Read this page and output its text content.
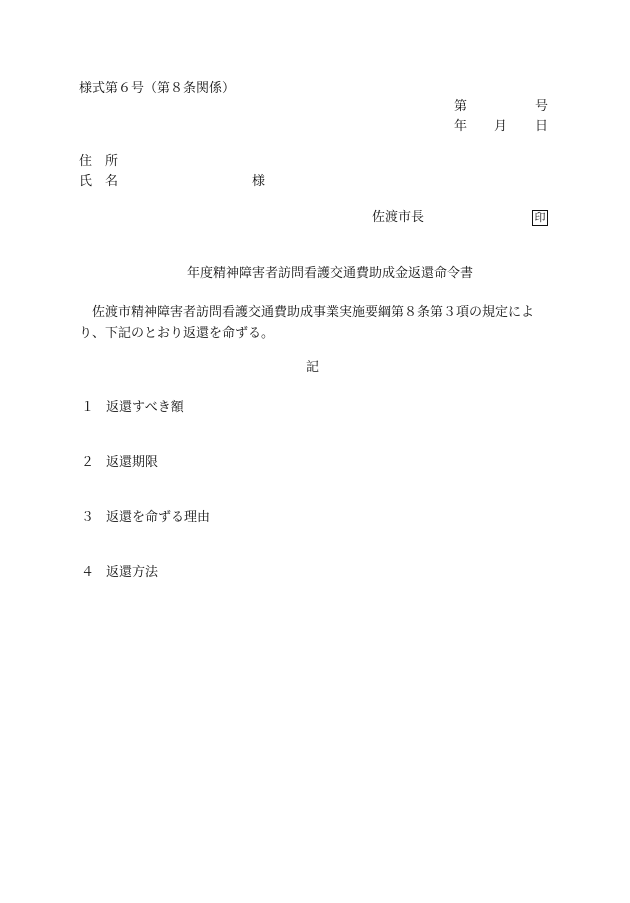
様式第６号（第８条関係）
第	号
年 月 日
住　所
氏　名	様
佐渡市長	印
年度精神障害者訪問看護交通費助成金返還命令書
　佐渡市精神障害者訪問看護交通費助成事業実施要綱第８条第３項の規定により、下記のとおり返還を命ずる。
記
１ 返還すべき額
２ 返還期限
３ 返還を命ずる理由
４ 返還方法
